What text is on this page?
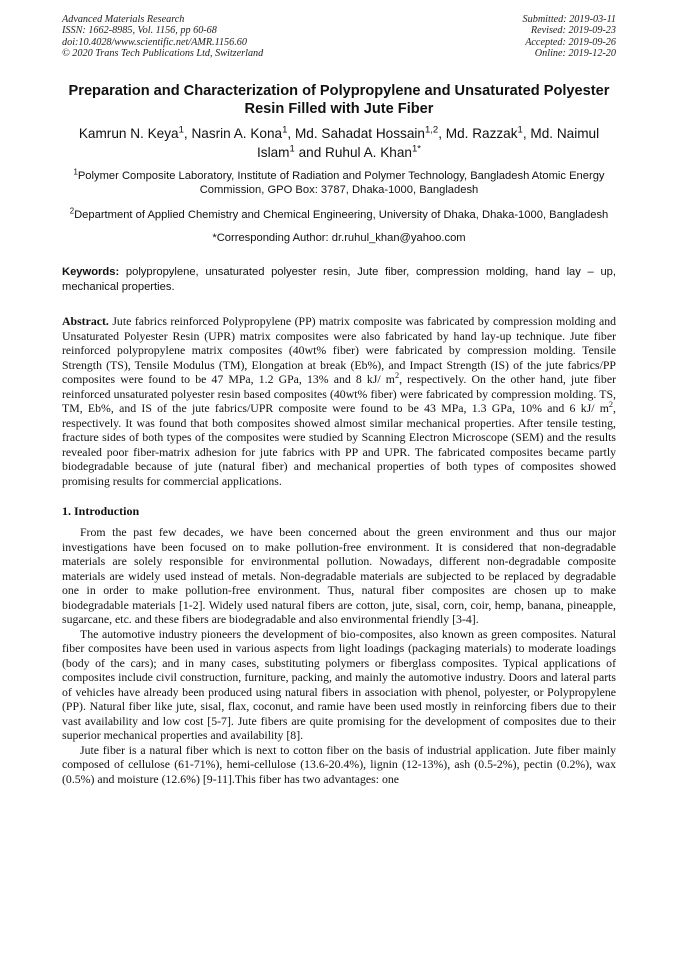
Advanced Materials Research
ISSN: 1662-8985, Vol. 1156, pp 60-68
doi:10.4028/www.scientific.net/AMR.1156.60
© 2020 Trans Tech Publications Ltd, Switzerland
Submitted: 2019-03-11
Revised: 2019-09-23
Accepted: 2019-09-26
Online: 2019-12-20
Preparation and Characterization of Polypropylene and Unsaturated Polyester Resin Filled with Jute Fiber
Kamrun N. Keya$^1$, Nasrin A. Kona$^1$, Md. Sahadat Hossain$^{1,2}$, Md. Razzak$^1$, Md. Naimul Islam$^1$ and Ruhul A. Khan$^{1*}$
$^1$Polymer Composite Laboratory, Institute of Radiation and Polymer Technology, Bangladesh Atomic Energy Commission, GPO Box: 3787, Dhaka-1000, Bangladesh
$^2$Department of Applied Chemistry and Chemical Engineering, University of Dhaka, Dhaka-1000, Bangladesh
*Corresponding Author: dr.ruhul_khan@yahoo.com
Keywords: polypropylene, unsaturated polyester resin, Jute fiber, compression molding, hand lay – up, mechanical properties.
Abstract. Jute fabrics reinforced Polypropylene (PP) matrix composite was fabricated by compression molding and Unsaturated Polyester Resin (UPR) matrix composites were also fabricated by hand lay-up technique. Jute fiber reinforced polypropylene matrix composites (40wt% fiber) were fabricated by compression molding. Tensile Strength (TS), Tensile Modulus (TM), Elongation at break (Eb%), and Impact Strength (IS) of the jute fabrics/PP composites were found to be 47 MPa, 1.2 GPa, 13% and 8 kJ/ $m^2$, respectively. On the other hand, jute fiber reinforced unsaturated polyester resin based composites (40wt% fiber) were fabricated by compression molding. TS, TM, Eb%, and IS of the jute fabrics/UPR composite were found to be 43 MPa, 1.3 GPa, 10% and 6 kJ/ $m^2$, respectively. It was found that both composites showed almost similar mechanical properties. After tensile testing, fracture sides of both types of the composites were studied by Scanning Electron Microscope (SEM) and the results revealed poor fiber-matrix adhesion for jute fabrics with PP and UPR. The fabricated composites became partly biodegradable because of jute (natural fiber) and mechanical properties of both types of composites showed promising results for commercial applications.
1. Introduction
From the past few decades, we have been concerned about the green environment and thus our major investigations have been focused on to make pollution-free environment. It is considered that non-degradable materials are solely responsible for environmental pollution. Nowadays, different non-degradable composite materials are widely used instead of metals. Non-degradable materials are subjected to be replaced by degradable one in order to make pollution-free environment. Thus, natural fiber composites are chosen up to make biodegradable materials [1-2]. Widely used natural fibers are cotton, jute, sisal, corn, coir, hemp, banana, pineapple, sugarcane, etc. and these fibers are biodegradable and also environmental friendly [3-4].
The automotive industry pioneers the development of bio-composites, also known as green composites. Natural fiber composites have been used in various aspects from light loadings (packaging materials) to moderate loadings (body of the cars); and in many cases, substituting polymers or fiberglass composites. Typical applications of composites include civil construction, furniture, packing, and mainly the automotive industry. Doors and lateral parts of vehicles have already been produced using natural fibers in association with phenol, polyester, or Polypropylene (PP). Natural fiber like jute, sisal, flax, coconut, and ramie have been used mostly in reinforcing fibers due to their vast availability and low cost [5-7]. Jute fibers are quite promising for the development of composites due to their superior mechanical properties and availability [8].
Jute fiber is a natural fiber which is next to cotton fiber on the basis of industrial application. Jute fiber mainly composed of cellulose (61-71%), hemi-cellulose (13.6-20.4%), lignin (12-13%), ash (0.5-2%), pectin (0.2%), wax (0.5%) and moisture (12.6%) [9-11].This fiber has two advantages: one
